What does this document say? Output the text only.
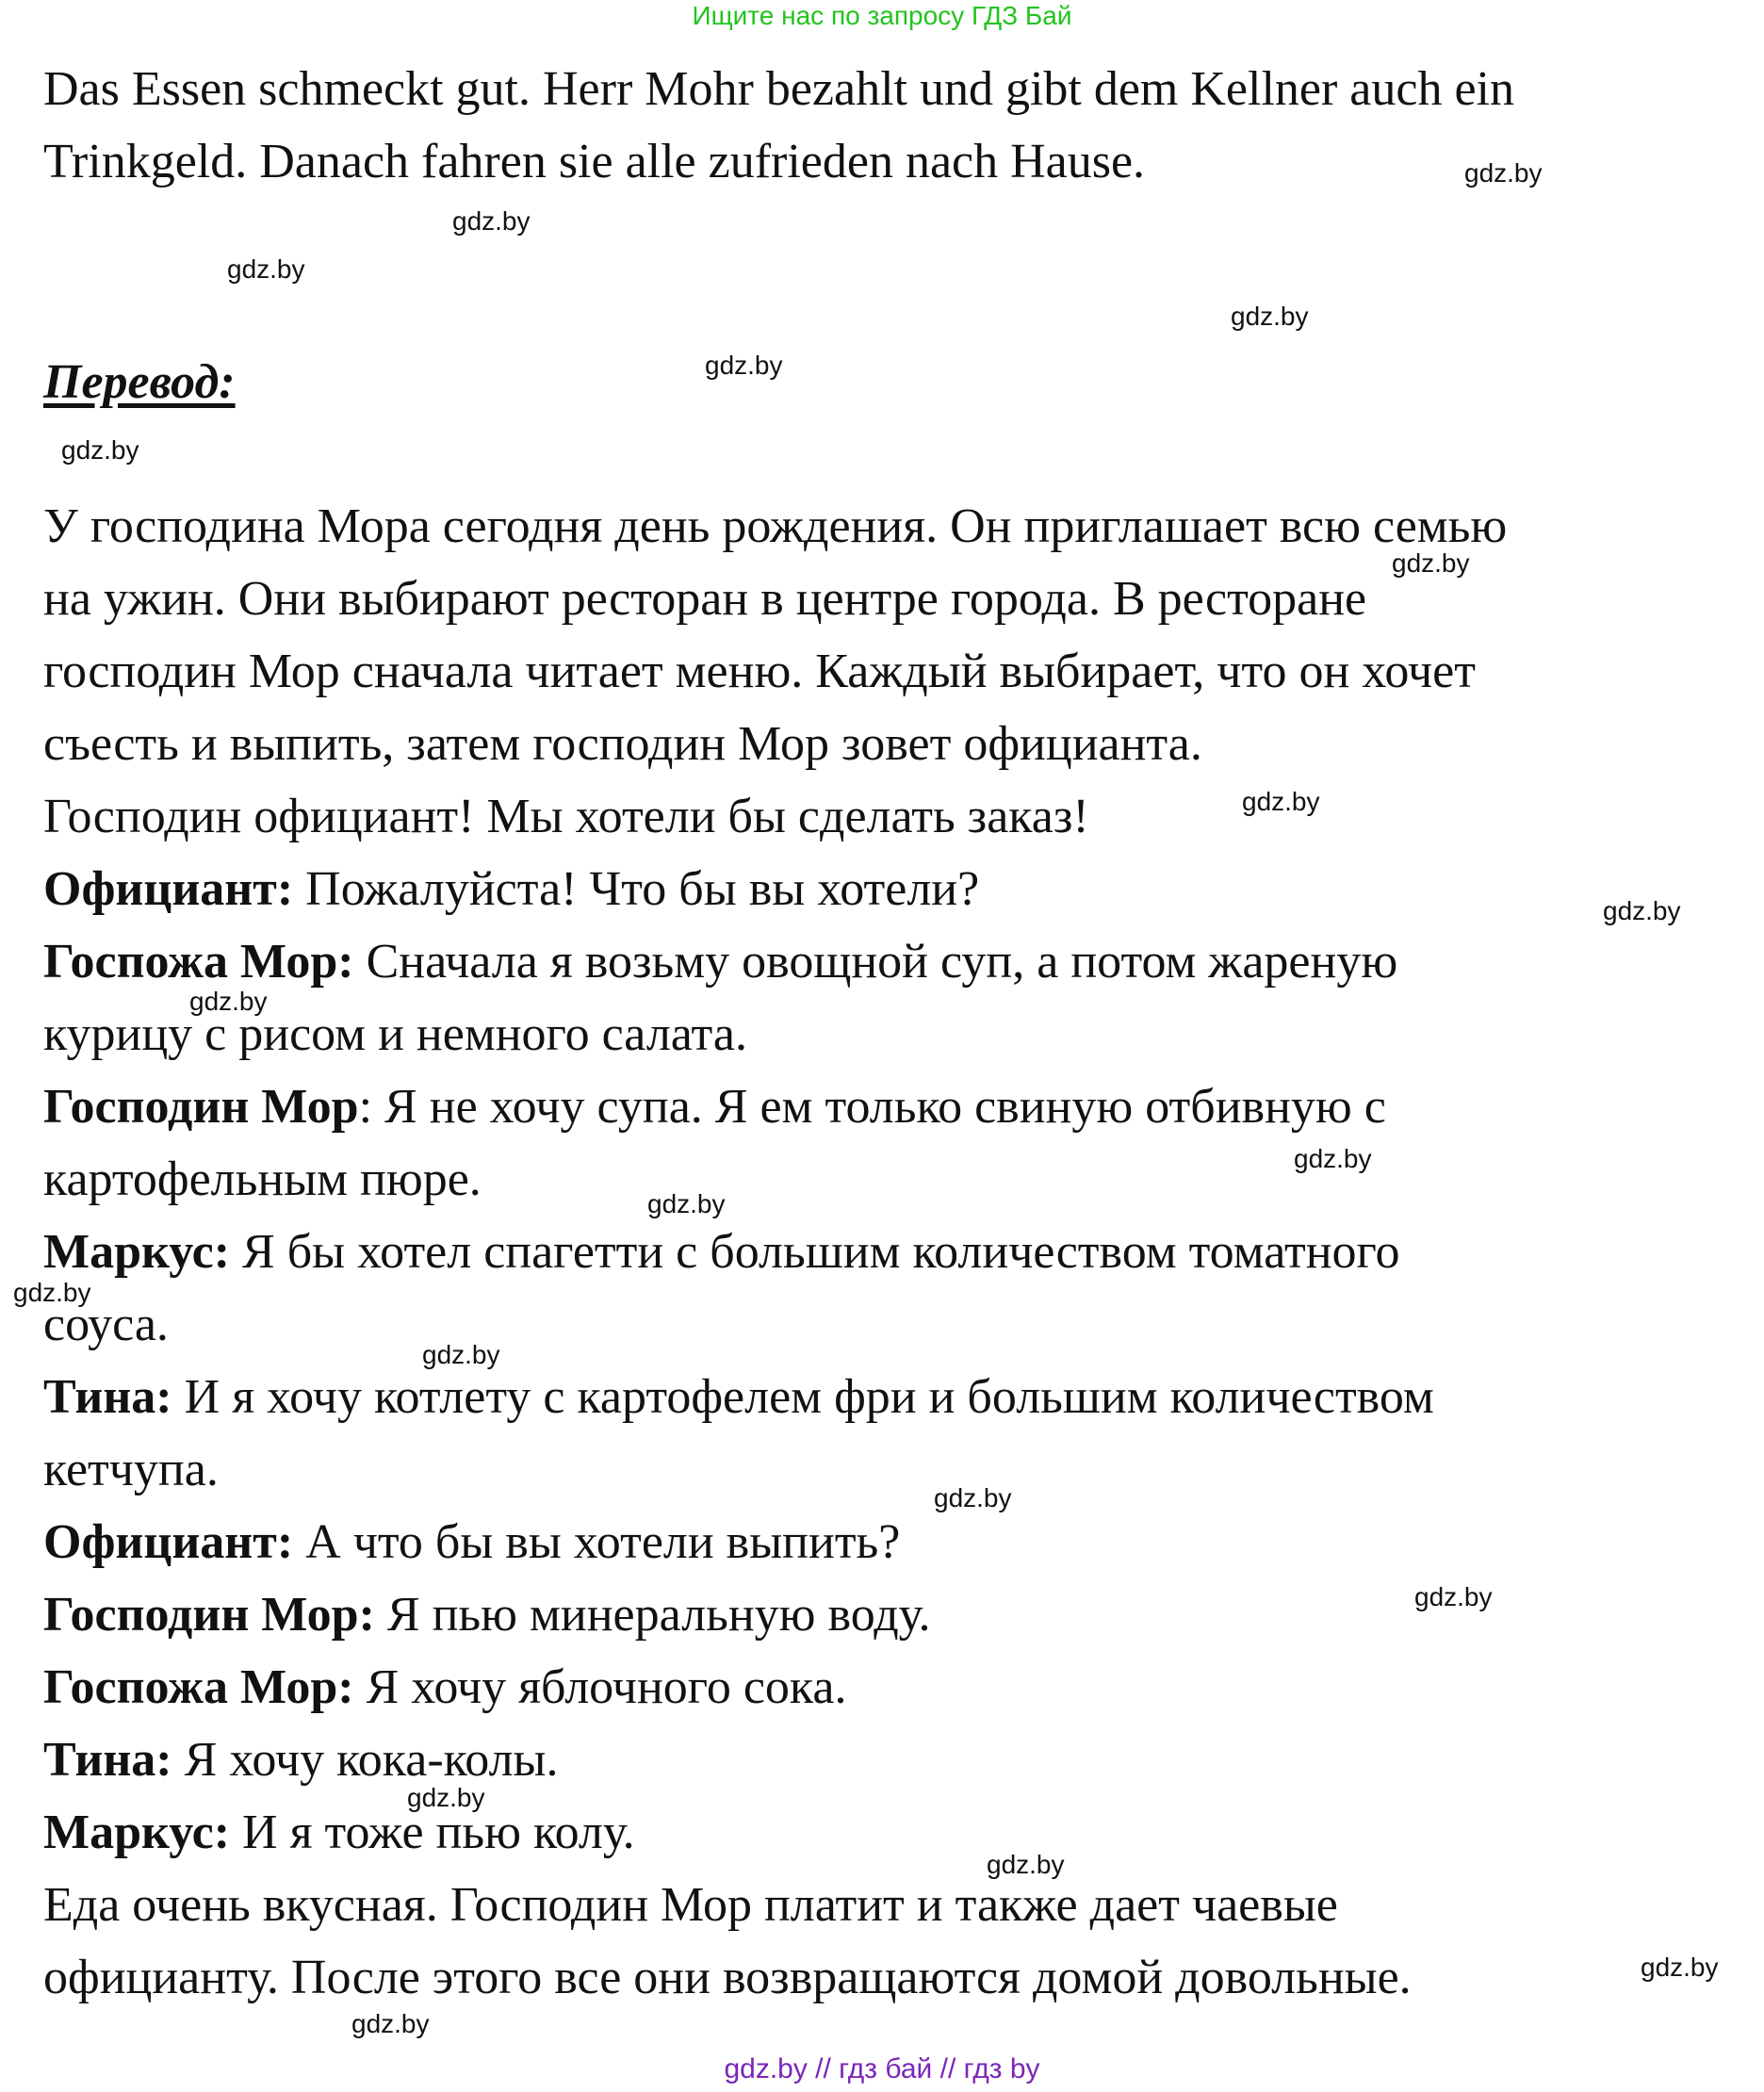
Ищите нас по запросу ГДЗ Бай
Das Essen schmeckt gut. Herr Mohr bezahlt und gibt dem Kellner auch ein
Trinkgeld. Danach fahren sie alle zufrieden nach Hause.
Перевод:
У господина Мора сегодня день рождения. Он приглашает всю семью
на ужин. Они выбирают ресторан в центре города. В ресторане
господин Мор сначала читает меню. Каждый выбирает, что он хочет
съесть и выпить, затем господин Мор зовет официанта.
Господин официант! Мы хотели бы сделать заказ!
Официант: Пожалуйста! Что бы вы хотели?
Госпожа Мор: Сначала я возьму овощной суп, а потом жареную
курицу с рисом и немного салата.
Господин Мор: Я не хочу супа. Я ем только свиную отбивную с
картофельным пюре.
Маркус: Я бы хотел спагетти с большим количеством томатного
соуса.
Тина: И я хочу котлету с картофелем фри и большим количеством
кетчупа.
Официант: А что бы вы хотели выпить?
Господин Мор: Я пью минеральную воду.
Госпожа Мор: Я хочу яблочного сока.
Тина: Я хочу кока-колы.
Маркус: И я тоже пью колу.
Еда очень вкусная. Господин Мор платит и также дает чаевые
официанту. После этого все они возвращаются домой довольные.
gdz.by
gdz.by
gdz.by
gdz.by
gdz.by
gdz.by
gdz.by
gdz.by
gdz.by
gdz.by
gdz.by
gdz.by
gdz.by
gdz.by
gdz.by
gdz.by
gdz.by
gdz.by
gdz.by
gdz.by
gdz.by // гдз бай // гдз by
